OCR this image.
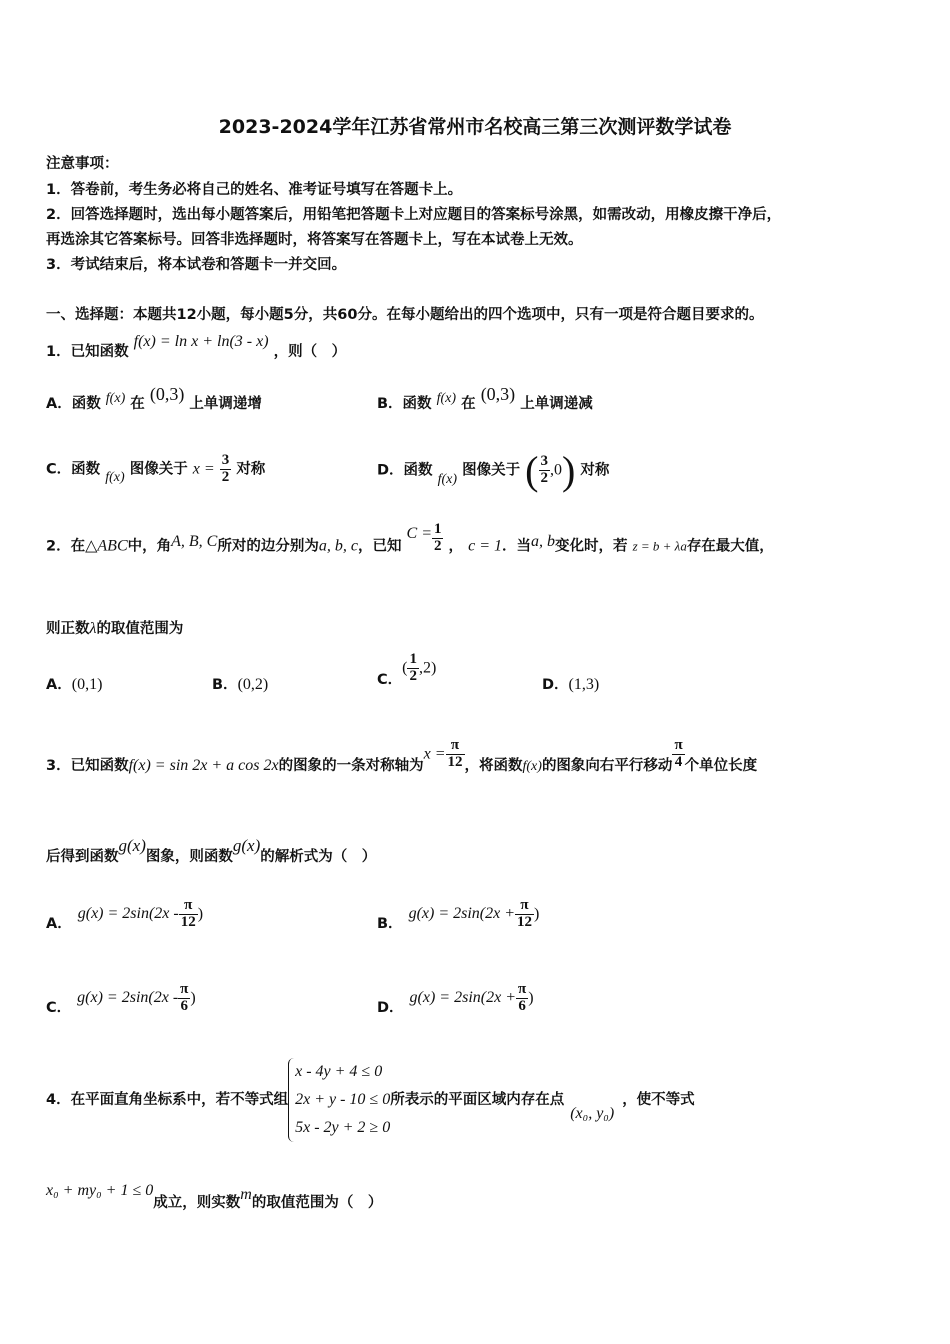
2023-2024学年江苏省常州市名校高三第三次测评数学试卷
注意事项：
1．答卷前，考生务必将自己的姓名、准考证号填写在答题卡上。
2．回答选择题时，选出每小题答案后，用铅笔把答题卡上对应题目的答案标号涂黑，如需改动，用橡皮擦干净后，
再选涂其它答案标号。回答非选择题时，将答案写在答题卡上，写在本试卷上无效。
3．考试结束后，将本试卷和答题卡一并交回。
一、选择题：本题共12小题，每小题5分，共60分。在每小题给出的四个选项中，只有一项是符合题目要求的。
1．已知函数 f(x) = ln x + ln(3 - x) ，则（　）
A．函数 f(x) 在 (0,3) 上单调递增	B．函数 f(x) 在 (0,3) 上单调递减
C．函数 f(x) 图像关于 $x = \frac{3}{2}$ 对称	D．函数 f(x) 图像关于 ( $\frac{3}{2} ,0$) 对称
2．在△ABC中，角A, B, C所对的边分别为a, b, c，已知 $C = \frac{1}{2}$ ， c = 1．当a, b变化时，若 z = b + λa存在最大值，
则正数λ的取值范围为
A．(0,1)	B．(0,2)	C．( $\frac{1}{2} ,2$)
D．(1,3)
3．已知函数f(x) = sin 2x + a cos 2x的图象的一条对称轴为$x = \frac{\pi}{12}$ ，将函数f(x)的图象向右平行移动 $\frac{\pi}{4}$ 个单位长度
后得到函数g(x)图象，则函数g(x)的解析式为（　）
A．$g(x) = 2\sin(2x - \frac{\pi}{12}$ )
B．$g(x) = 2\sin(2x + \frac{\pi}{12}$ )
C．$g(x) = 2\sin(2x - \frac{\pi}{6}$ )
D．$g(x) = 2\sin(2x + \frac{\pi}{6}$ )
4．在平面直角坐标系中，若不等式组
x - 4y + 4 ≤ 0
2x + y - 10 ≤ 0
5x - 2y + 2 ≥ 0
所表示的平面区域内存在点(x₀, y₀)，使不等式
x₀ + my₀ + 1 ≤ 0成立，则实数m的取值范围为（　）
